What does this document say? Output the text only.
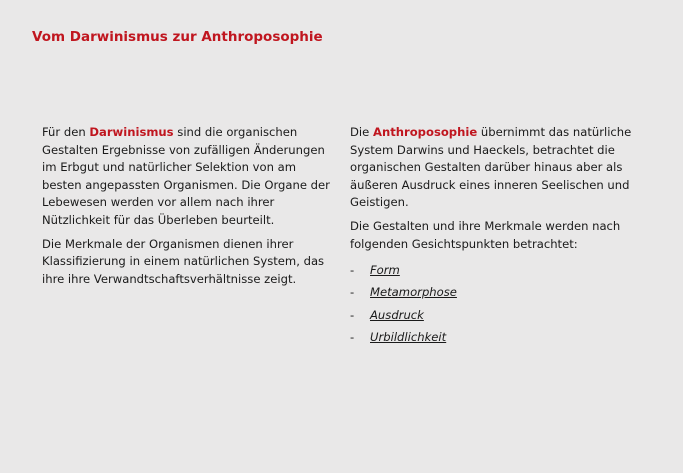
Vom Darwinismus zur Anthroposophie

Für den Darwinismus sind die organischen Gestalten Ergebnisse von zufälligen Änderungen im Erbgut und natürlicher Selektion von am besten angepassten Organismen. Die Organe der Lebewesen werden vor allem nach ihrer Nützlichkeit für das Überleben beurteilt.

Die Merkmale der Organismen dienen ihrer Klassifizierung in einem natürlichen System, das ihre ihre Verwandtschaftsverhältnisse zeigt.

Die Anthroposophie übernimmt das natürliche System Darwins und Haeckels, betrachtet die organischen Gestalten darüber hinaus aber als äußeren Ausdruck eines inneren Seelischen und Geistigen.

Die Gestalten und ihre Merkmale werden nach folgenden Gesichtspunkten betrachtet:

-	Form
-	Metamorphose
-	Ausdruck
-	Urbildlichkeit
